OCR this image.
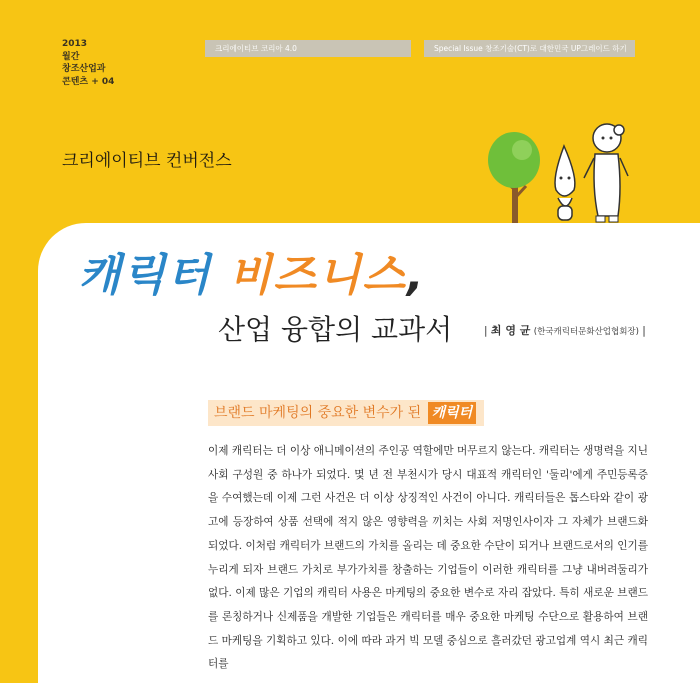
2013
월간
창조산업과
콘텐츠 + 04
크리에이티브 코리아 4.0	Special Issue 창조기술(CT)로 대한민국 UP그레이드 하기
크리에이티브 컨버전스
캐릭터 비즈니스,
산업 융합의 교과서	| 최 영 균 (한국캐릭터문화산업협회장) |
브랜드 마케팅의 중요한 변수가 된 캐릭터
이제 캐릭터는 더 이상 애니메이션의 주인공 역할에만 머무르지 않는다. 캐릭터는 생명력을 지닌 사회 구성원 중 하나가 되었다. 몇 년 전 부천시가 당시 대표적 캐릭터인 '둘리'에게 주민등록증을 수여했는데 이제 그런 사건은 더 이상 상징적인 사건이 아니다. 캐릭터들은 톱스타와 같이 광고에 등장하여 상품 선택에 적지 않은 영향력을 끼치는 사회 저명인사이자 그 자체가 브랜드화 되었다. 이처럼 캐릭터가 브랜드의 가치를 올리는 데 중요한 수단이 되거나 브랜드로서의 인기를 누리게 되자 브랜드 가치로 부가가치를 창출하는 기업들이 이러한 캐릭터를 그냥 내버려둘리가 없다. 이제 많은 기업의 캐릭터 사용은 마케팅의 중요한 변수로 자리 잡았다. 특히 새로운 브랜드를 론칭하거나 신제품을 개발한 기업들은 캐릭터를 매우 중요한 마케팅 수단으로 활용하여 브랜드 마케팅을 기획하고 있다. 이에 따라 과거 빅 모델 중심으로 흘러갔던 광고업계 역시 최근 캐릭터를
